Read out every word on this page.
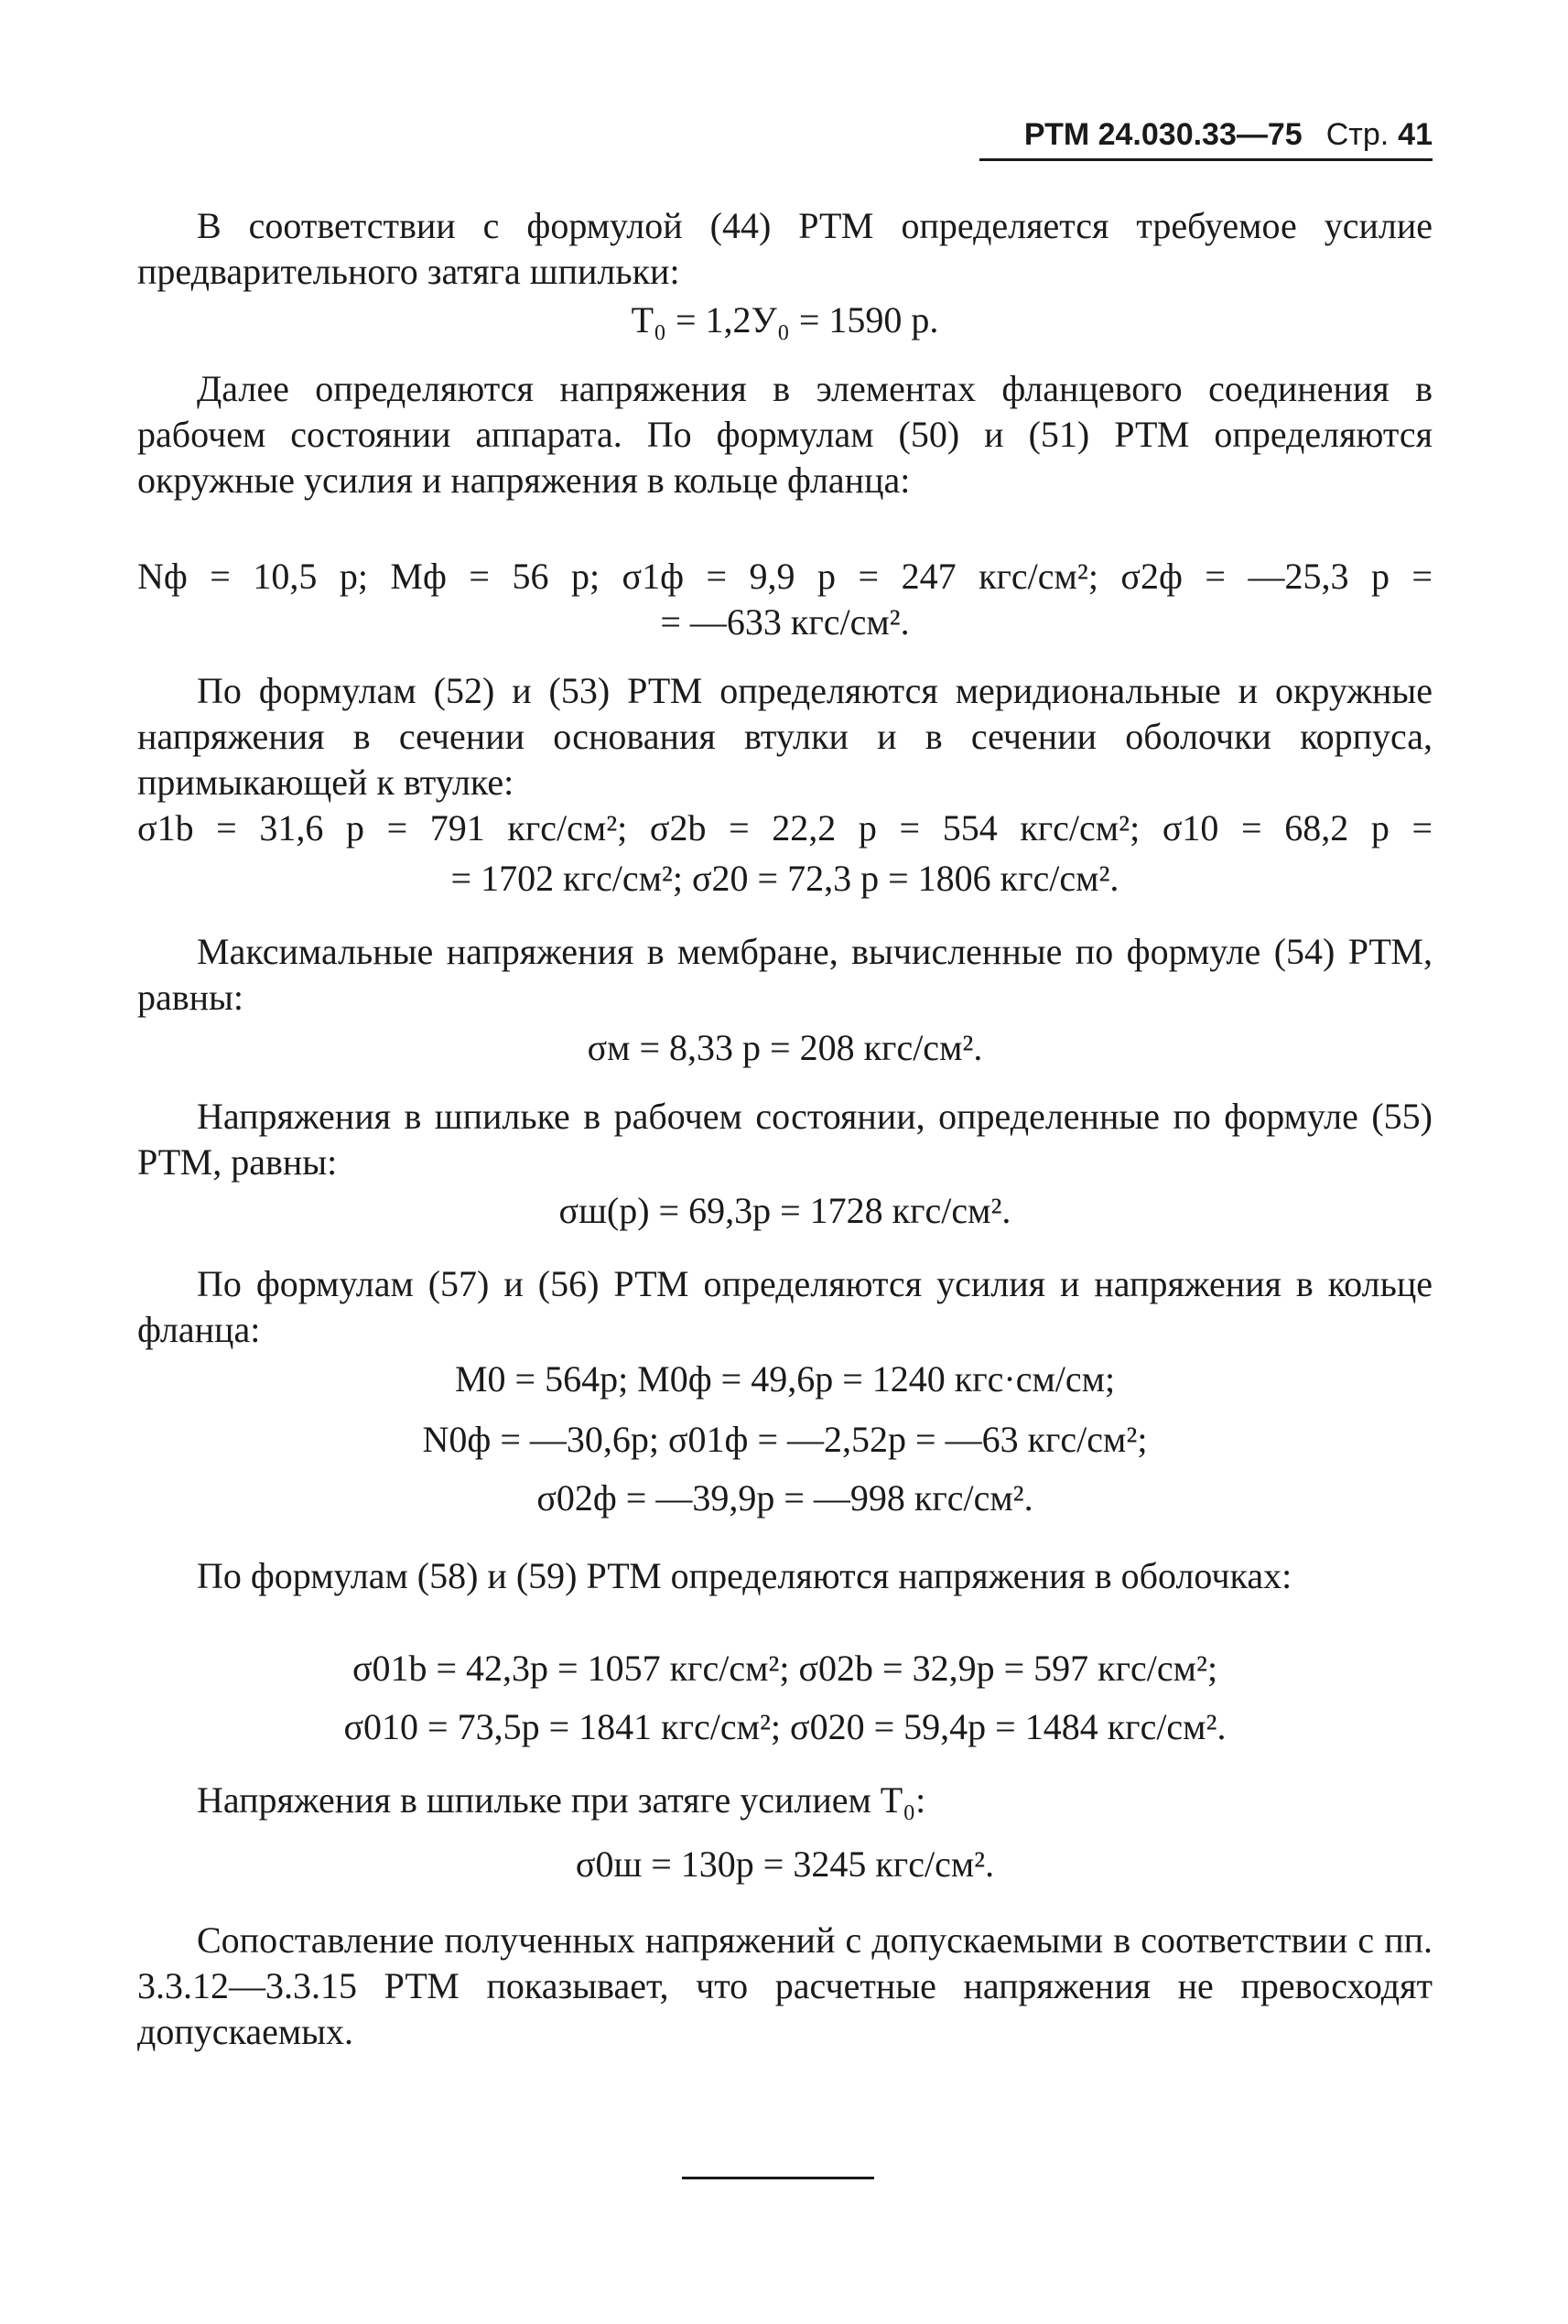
РТМ 24.030.33—75 Стр. 41
В соответствии с формулой (44) РТМ определяется требуемое усилие предварительного затяга шпильки:
T₀ = 1,2У₀ = 1590 p.
Далее определяются напряжения в элементах фланцевого соединения в рабочем состоянии аппарата. По формулам (50) и (51) РТМ определяются окружные усилия и напряжения в кольце фланца:
Nф = 10,5 p; Mф = 56 p; σ1ф = 9,9 p = 247 кгс/см²; σ2ф = —25,3 p =
= —633 кгс/см².
По формулам (52) и (53) РТМ определяются меридиональные и окружные напряжения в сечении основания втулки и в сечении оболочки корпуса, примыкающей к втулке:
σ1b = 31,6 p = 791 кгс/см²; σ2b = 22,2 p = 554 кгс/см²; σ10 = 68,2 p =
= 1702 кгс/см²; σ20 = 72,3 p = 1806 кгс/см².
Максимальные напряжения в мембране, вычисленные по формуле (54) РТМ, равны:
σм = 8,33 p = 208 кгс/см².
Напряжения в шпильке в рабочем состоянии, определенные по формуле (55) РТМ, равны:
σш(p) = 69,3p = 1728 кгс/см².
По формулам (57) и (56) РТМ определяются усилия и напряжения в кольце фланца:
M0 = 564p; M0ф = 49,6p = 1240 кгс·см/см;
N0ф = —30,6p; σ01ф = —2,52p = —63 кгс/см²;
σ02ф = —39,9p = —998 кгс/см².
По формулам (58) и (59) РТМ определяются напряжения в оболочках:
σ01b = 42,3p = 1057 кгс/см²; σ02b = 32,9p = 597 кгс/см²;
σ010 = 73,5p = 1841 кгс/см²; σ020 = 59,4p = 1484 кгс/см².
Напряжения в шпильке при затяге усилием T₀:
σ0ш = 130p = 3245 кгс/см².
Сопоставление полученных напряжений с допускаемыми в соответствии с пп. 3.3.12—3.3.15 РТМ показывает, что расчетные напряжения не превосходят допускаемых.
